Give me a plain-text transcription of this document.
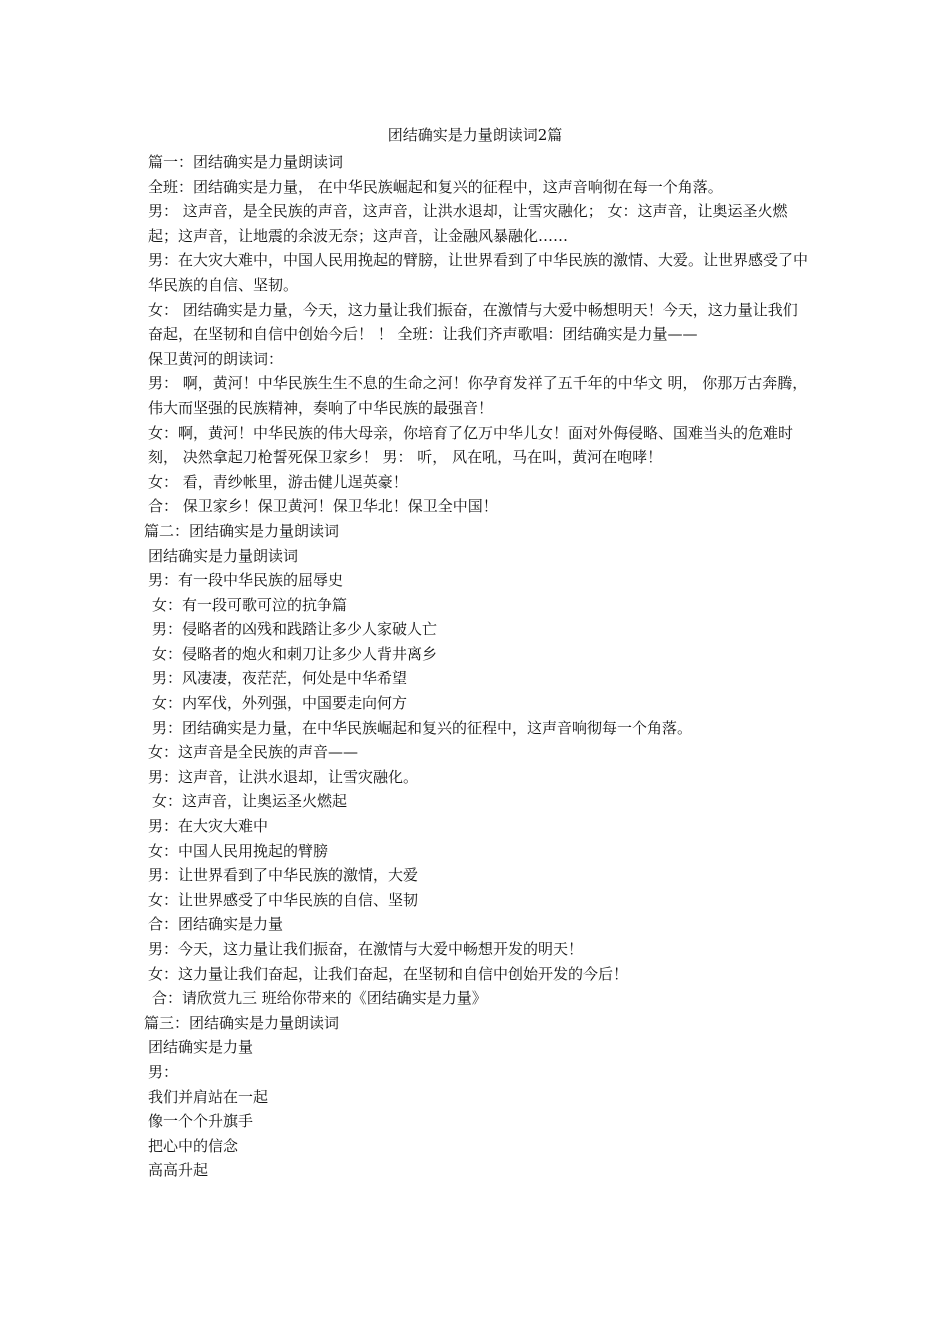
团结确实是力量朗读词2篇

篇一：团结确实是力量朗读词

全班：团结确实是力量， 在中华民族崛起和复兴的征程中，这声音响彻在每一个角落。

男： 这声音，是全民族的声音，这声音，让洪水退却，让雪灾融化； 女：这声音，让奥运圣火燃起；这声音，让地震的余波无奈；这声音，让金融风暴融化……

男：在大灾大难中，中国人民用挽起的臂膀，让世界看到了中华民族的激情、大爱。让世界感受了中华民族的自信、坚韧。

女： 团结确实是力量，今天，这力量让我们振奋，在激情与大爱中畅想明天！今天，这力量让我们奋起，在坚韧和自信中创始今后！ ！ 全班：让我们齐声歌唱：团结确实是力量——

保卫黄河的朗读词：

男： 啊，黄河！中华民族生生不息的生命之河！你孕育发祥了五千年的中华文 明， 你那万古奔腾，伟大而坚强的民族精神，奏响了中华民族的最强音！

女：啊，黄河！中华民族的伟大母亲，你培育了亿万中华儿女！面对外侮侵略、国难当头的危难时刻， 决然拿起刀枪誓死保卫家乡！ 男： 听， 风在吼，马在叫，黄河在咆哮！

女： 看，青纱帐里，游击健儿逞英豪！

合： 保卫家乡！保卫黄河！保卫华北！保卫全中国！

篇二：团结确实是力量朗读词

团结确实是力量朗读词

男：有一段中华民族的屈辱史

女：有一段可歌可泣的抗争篇

男：侵略者的凶残和践踏让多少人家破人亡

女：侵略者的炮火和刺刀让多少人背井离乡

男：风凄凄，夜茫茫，何处是中华希望

女：内军伐，外列强，中国要走向何方

男：团结确实是力量，在中华民族崛起和复兴的征程中，这声音响彻每一个角落。

女：这声音是全民族的声音——

男：这声音，让洪水退却，让雪灾融化。

女：这声音，让奥运圣火燃起

男：在大灾大难中

女：中国人民用挽起的臂膀

男：让世界看到了中华民族的激情，大爱

女：让世界感受了中华民族的自信、坚韧

合：团结确实是力量

男：今天，这力量让我们振奋，在激情与大爱中畅想开发的明天！

女：这力量让我们奋起，让我们奋起，在坚韧和自信中创始开发的今后！

合：请欣赏九三 班给你带来的《团结确实是力量》

篇三：团结确实是力量朗读词

团结确实是力量

男：

我们并肩站在一起

像一个个升旗手

把心中的信念

高高升起
